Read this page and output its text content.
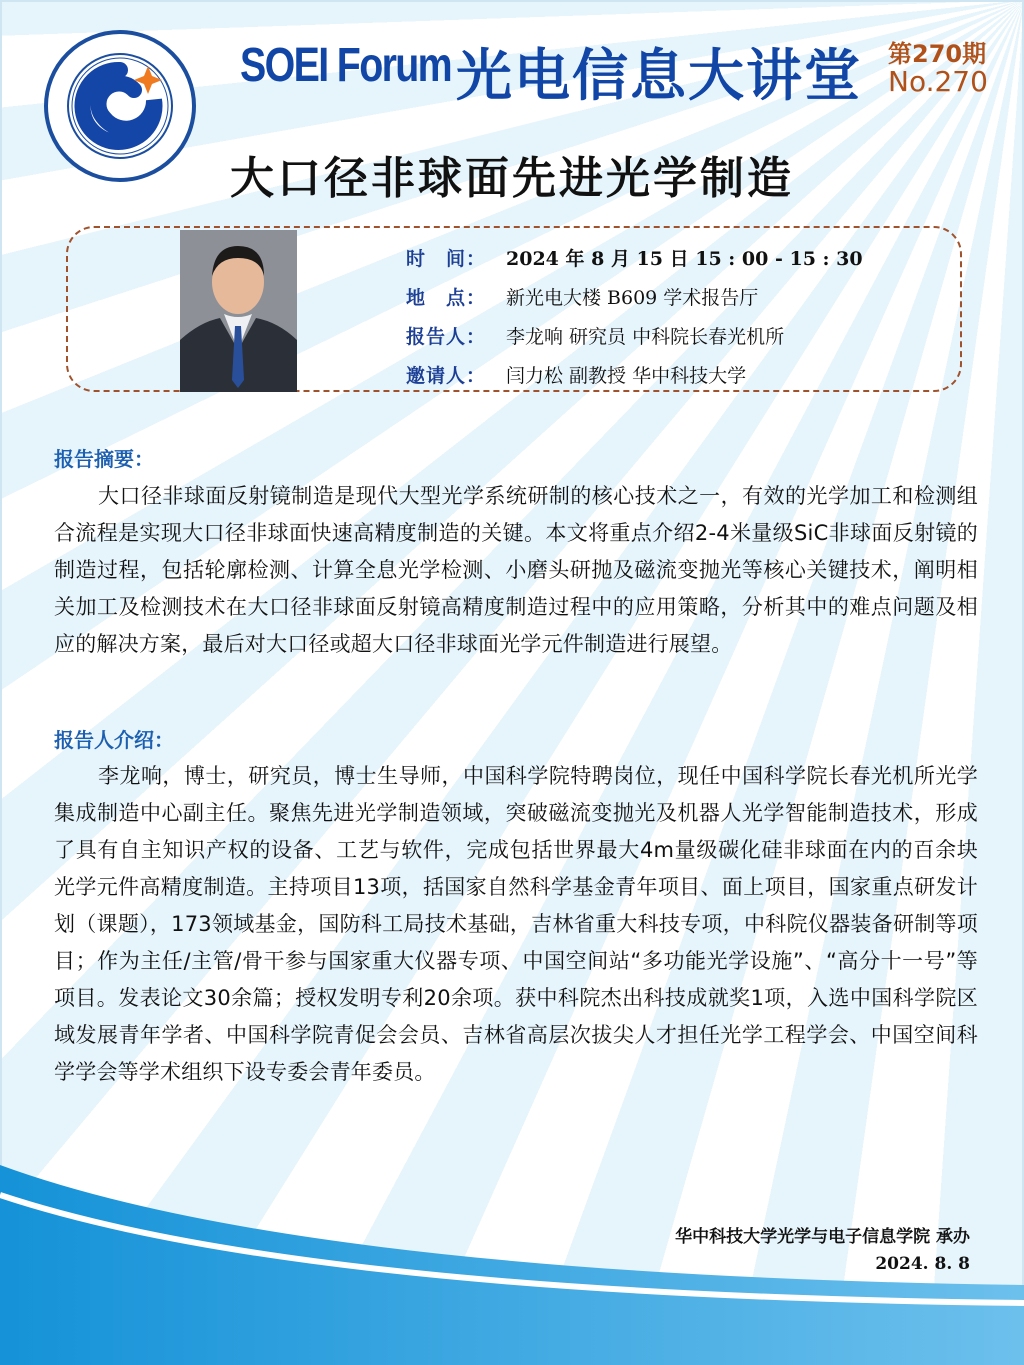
SOEI Forum 光电信息大讲堂 第270期
No.270
大口径非球面先进光学制造
时　间：	2024 年 8 月 15 日 15 : 00 - 15 : 30
地　点：	新光电大楼 B609 学术报告厅
报告人：	李龙响 研究员 中科院长春光机所
邀请人：	闫力松 副教授 华中科技大学
报告摘要：
大口径非球面反射镜制造是现代大型光学系统研制的核心技术之一，有效的光学加工和检测组合流程是实现大口径非球面快速高精度制造的关键。本文将重点介绍2-4米量级SiC非球面反射镜的制造过程，包括轮廓检测、计算全息光学检测、小磨头研抛及磁流变抛光等核心关键技术，阐明相关加工及检测技术在大口径非球面反射镜高精度制造过程中的应用策略，分析其中的难点问题及相应的解决方案，最后对大口径或超大口径非球面光学元件制造进行展望。
报告人介绍：
李龙响，博士，研究员，博士生导师，中国科学院特聘岗位，现任中国科学院长春光机所光学集成制造中心副主任。聚焦先进光学制造领域，突破磁流变抛光及机器人光学智能制造技术，形成了具有自主知识产权的设备、工艺与软件，完成包括世界最大4m量级碳化硅非球面在内的百余块光学元件高精度制造。主持项目13项，括国家自然科学基金青年项目、面上项目，国家重点研发计划（课题），173领域基金，国防科工局技术基础，吉林省重大科技专项，中科院仪器装备研制等项目；作为主任/主管/骨干参与国家重大仪器专项、中国空间站“多功能光学设施”、“高分十一号”等项目。发表论文30余篇；授权发明专利20余项。获中科院杰出科技成就奖1项，入选中国科学院区域发展青年学者、中国科学院青促会会员、吉林省高层次拔尖人才担任光学工程学会、中国空间科学学会等学术组织下设专委会青年委员。
华中科技大学光学与电子信息学院 承办
2024. 8. 8
